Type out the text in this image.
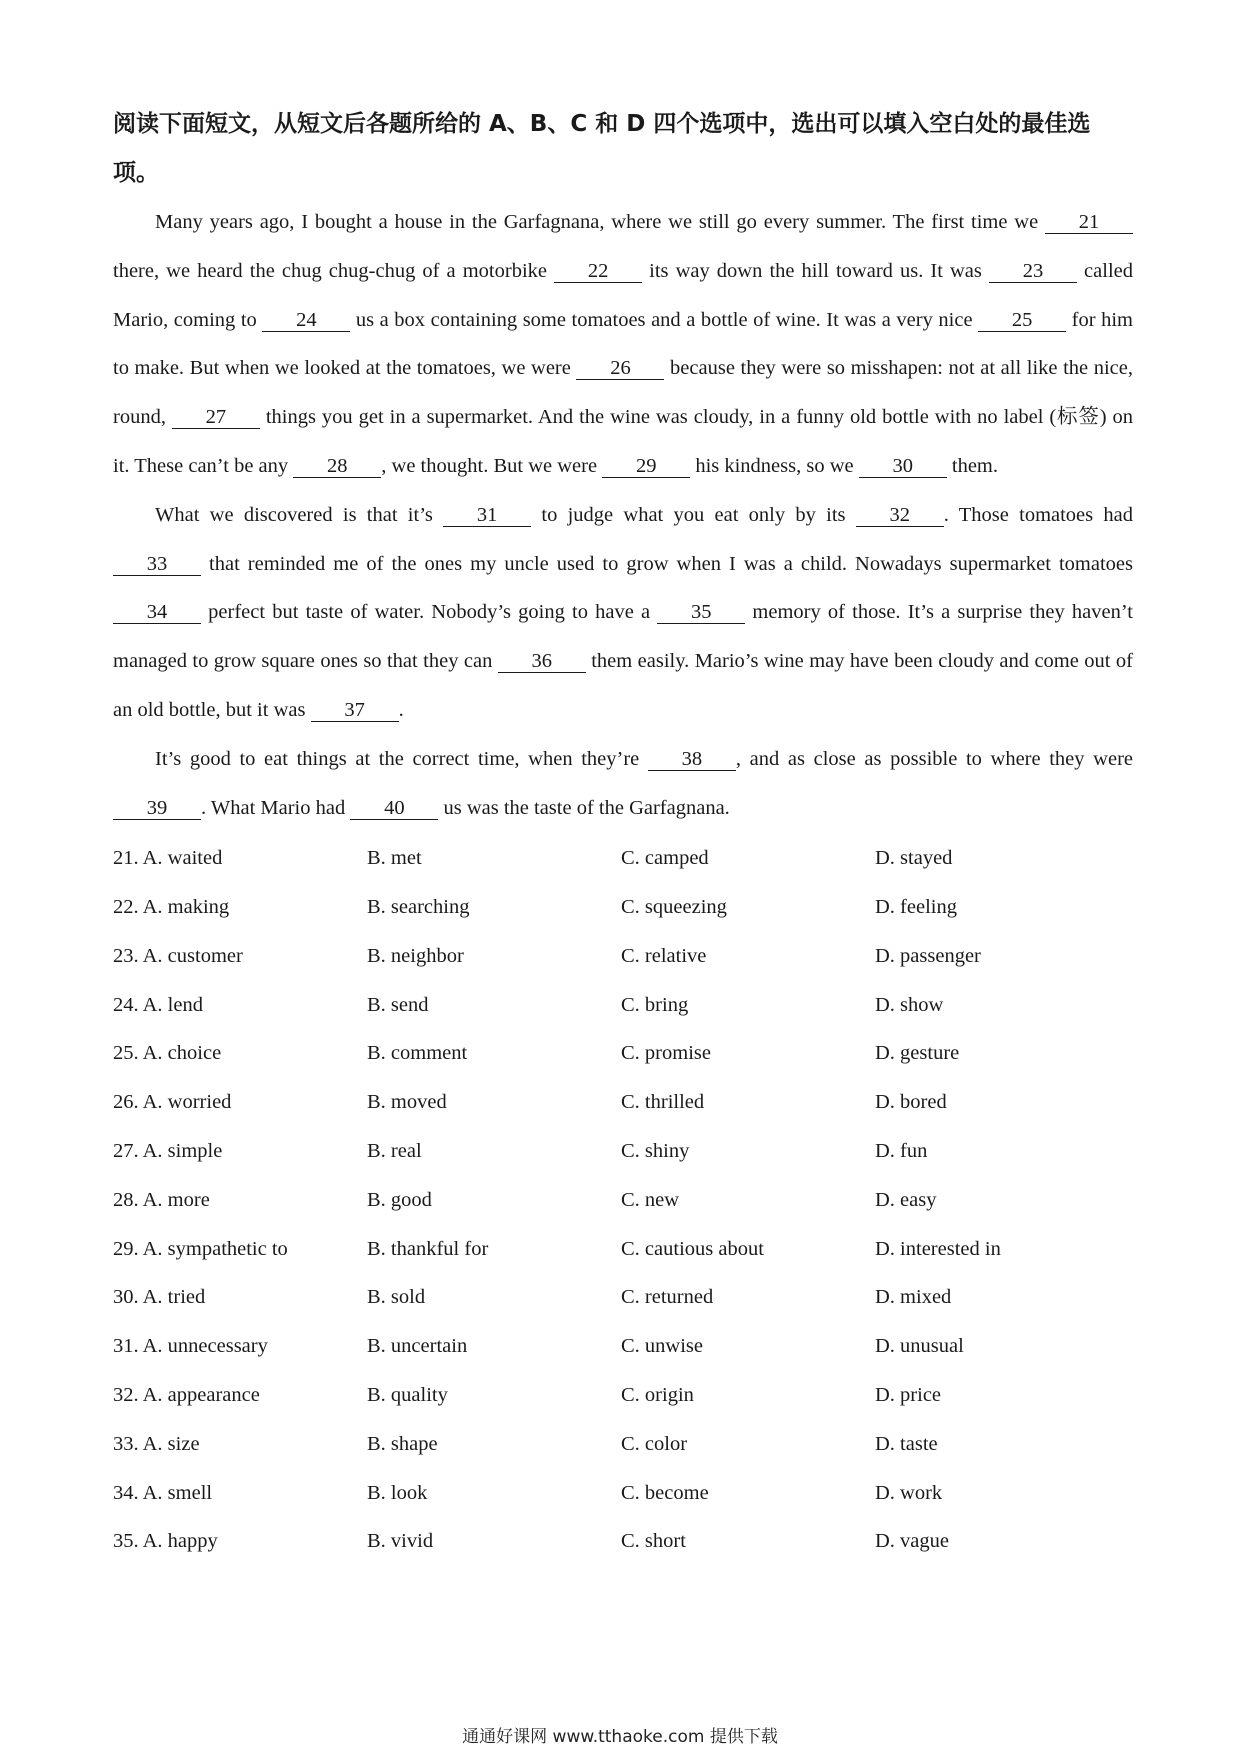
阅读下面短文，从短文后各题所给的 A、B、C 和 D 四个选项中，选出可以填入空白处的最佳选项。

Many years ago, I bought a house in the Garfagnana, where we still go every summer. The first time we 21 there, we heard the chug chug-chug of a motorbike 22 its way down the hill toward us. It was 23 called Mario, coming to 24 us a box containing some tomatoes and a bottle of wine. It was a very nice 25 for him to make. But when we looked at the tomatoes, we were 26 because they were so misshapen: not at all like the nice, round, 27 things you get in a supermarket. And the wine was cloudy, in a funny old bottle with no label (标签) on it. These can’t be any 28 , we thought. But we were 29 his kindness, so we 30 them.

What we discovered is that it’s 31 to judge what you eat only by its 32 . Those tomatoes had 33 that reminded me of the ones my uncle used to grow when I was a child. Nowadays supermarket tomatoes 34 perfect but taste of water. Nobody’s going to have a 35 memory of those. It’s a surprise they haven’t managed to grow square ones so that they can 36 them easily. Mario’s wine may have been cloudy and come out of an old bottle, but it was 37 .

It’s good to eat things at the correct time, when they’re 38 , and as close as possible to where they were 39 . What Mario had 40 us was the taste of the Garfagnana.

21. A. waited	B. met	C. camped	D. stayed
22. A. making	B. searching	C. squeezing	D. feeling
23. A. customer	B. neighbor	C. relative	D. passenger
24. A. lend	B. send	C. bring	D. show
25. A. choice	B. comment	C. promise	D. gesture
26. A. worried	B. moved	C. thrilled	D. bored
27. A. simple	B. real	C. shiny	D. fun
28. A. more	B. good	C. new	D. easy
29. A. sympathetic to	B. thankful for	C. cautious about	D. interested in
30. A. tried	B. sold	C. returned	D. mixed
31. A. unnecessary	B. uncertain	C. unwise	D. unusual
32. A. appearance	B. quality	C. origin	D. price
33. A. size	B. shape	C. color	D. taste
34. A. smell	B. look	C. become	D. work
35. A. happy	B. vivid	C. short	D. vague
通通好课网 www.tthaoke.com 提供下载
